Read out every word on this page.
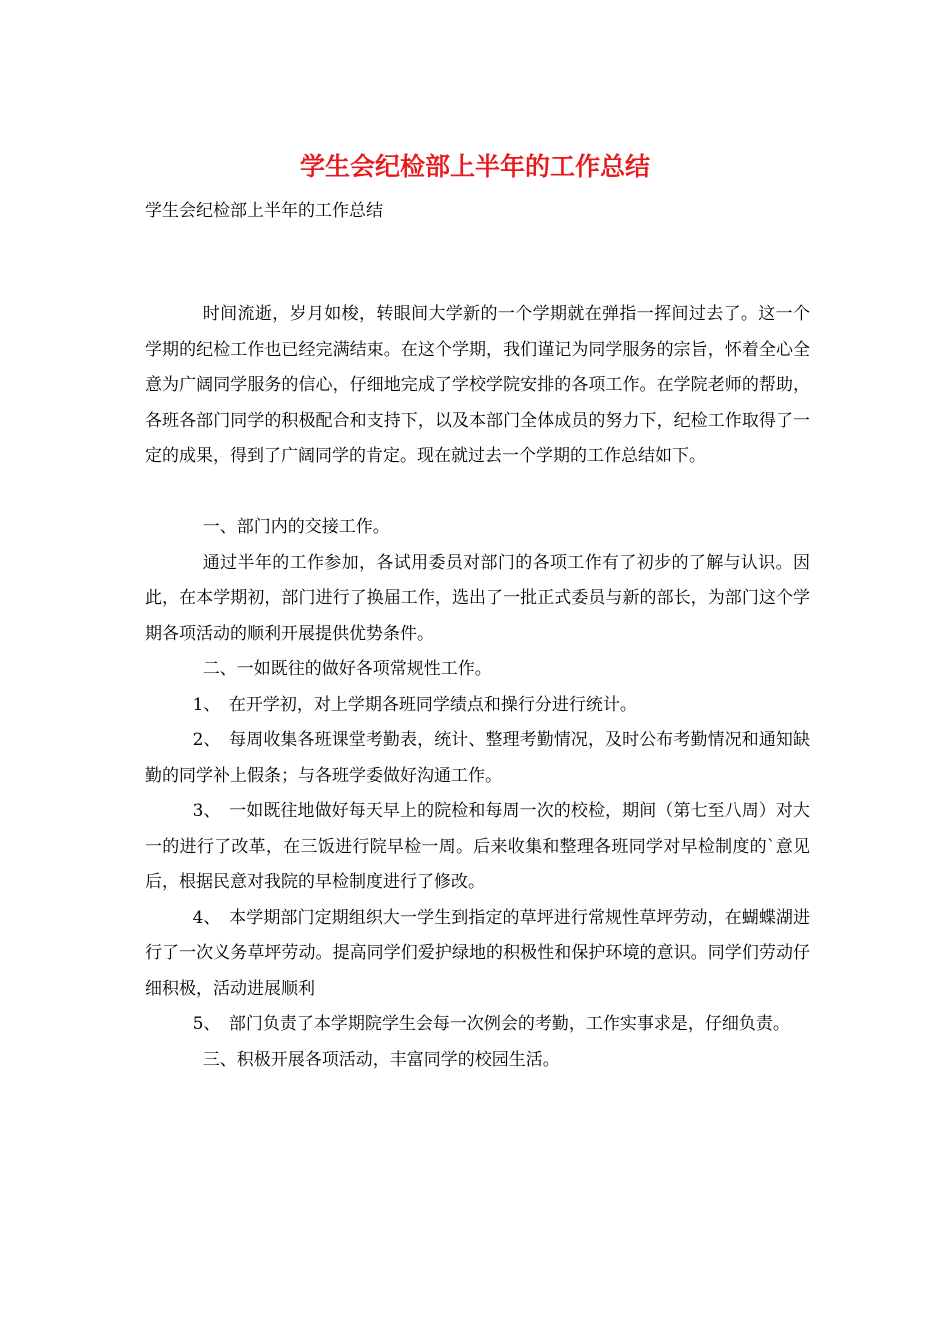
学生会纪检部上半年的工作总结
学生会纪检部上半年的工作总结

时间流逝，岁月如梭，转眼间大学新的一个学期就在弹指一挥间过去了。这一个学期的纪检工作也已经完满结束。在这个学期，我们谨记为同学服务的宗旨，怀着全心全意为广阔同学服务的信心，仔细地完成了学校学院安排的各项工作。在学院老师的帮助，各班各部门同学的积极配合和支持下，以及本部门全体成员的努力下，纪检工作取得了一定的成果，得到了广阔同学的肯定。现在就过去一个学期的工作总结如下。

一、部门内的交接工作。

通过半年的工作参加，各试用委员对部门的各项工作有了初步的了解与认识。因此，在本学期初，部门进行了换届工作，选出了一批正式委员与新的部长，为部门这个学期各项活动的顺利开展提供优势条件。

二、一如既往的做好各项常规性工作。

1、　在开学初，对上学期各班同学绩点和操行分进行统计。

2、　每周收集各班课堂考勤表，统计、整理考勤情况，及时公布考勤情况和通知缺勤的同学补上假条；与各班学委做好沟通工作。

3、　一如既往地做好每天早上的院检和每周一次的校检，期间（第七至八周）对大一的进行了改革，在三饭进行院早检一周。后来收集和整理各班同学对早检制度的`意见后，根据民意对我院的早检制度进行了修改。

4、　本学期部门定期组织大一学生到指定的草坪进行常规性草坪劳动，在蝴蝶湖进行了一次义务草坪劳动。提高同学们爱护绿地的积极性和保护环境的意识。同学们劳动仔细积极，活动进展顺利

5、　部门负责了本学期院学生会每一次例会的考勤，工作实事求是，仔细负责。

三、积极开展各项活动，丰富同学的校园生活。
